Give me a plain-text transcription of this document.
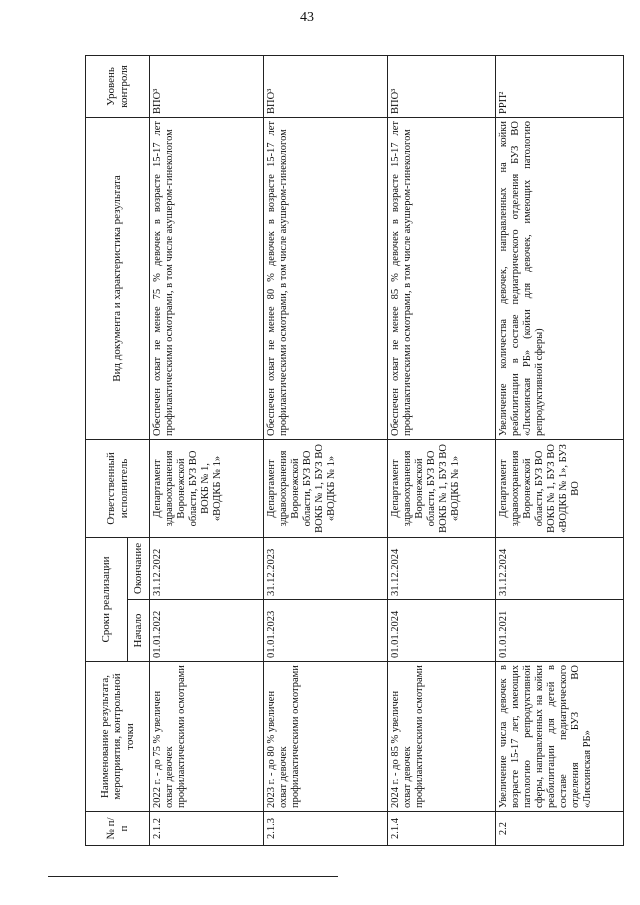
43
№ п/п	Наименование результата, мероприятия, контрольной точки	Сроки реализации		Ответственный исполнитель	Вид документа и характеристика результата	Уровень контроля
		Начало	Окончание			
2.1.2	2022 г. - до 75 % увеличен охват девочек профилактическими осмотрами	01.01.2022	31.12.2022	Департамент здравоохранения Воронежской области, БУЗ ВО ВОКБ № 1, «ВОДКБ № 1»	Обеспечен охват не менее 75 % девочек в возрасте 15-17 лет профилактическими осмотрами, в том числе акушером-гинекологом	ВПО³
2.1.3	2023 г. - до 80 % увеличен охват девочек профилактическими осмотрами	01.01.2023	31.12.2023	Департамент здравоохранения Воронежской области, БУЗ ВО ВОКБ № 1, БУЗ ВО «ВОДКБ № 1»	Обеспечен охват не менее 80 % девочек в возрасте 15-17 лет профилактическими осмотрами, в том числе акушером-гинекологом	ВПО³
2.1.4	2024 г. - до 85 % увеличен охват девочек профилактическими осмотрами	01.01.2024	31.12.2024	Департамент здравоохранения Воронежской области, БУЗ ВО ВОКБ № 1, БУЗ ВО «ВОДКБ № 1»	Обеспечен охват не менее 85 % девочек в возрасте 15-17 лет профилактическими осмотрами, в том числе акушером-гинекологом	ВПО³
2.2	Увеличение числа девочек в возрасте 15-17 лет, имеющих патологию репродуктивной сферы, направленных на койки реабилитации для детей в составе педиатрического отделения БУЗ ВО «Лискинская РБ»	01.01.2021	31.12.2024	Департамент здравоохранения Воронежской области, БУЗ ВО ВОКБ № 1, БУЗ ВО «ВОДКБ № 1», БУЗ ВО	Увеличение количества девочек, направленных на койки реабилитации в составе педиатрического отделения БУЗ ВО «Лискинская РБ» (койки для девочек, имеющих патологию репродуктивной сферы)	РРП²
